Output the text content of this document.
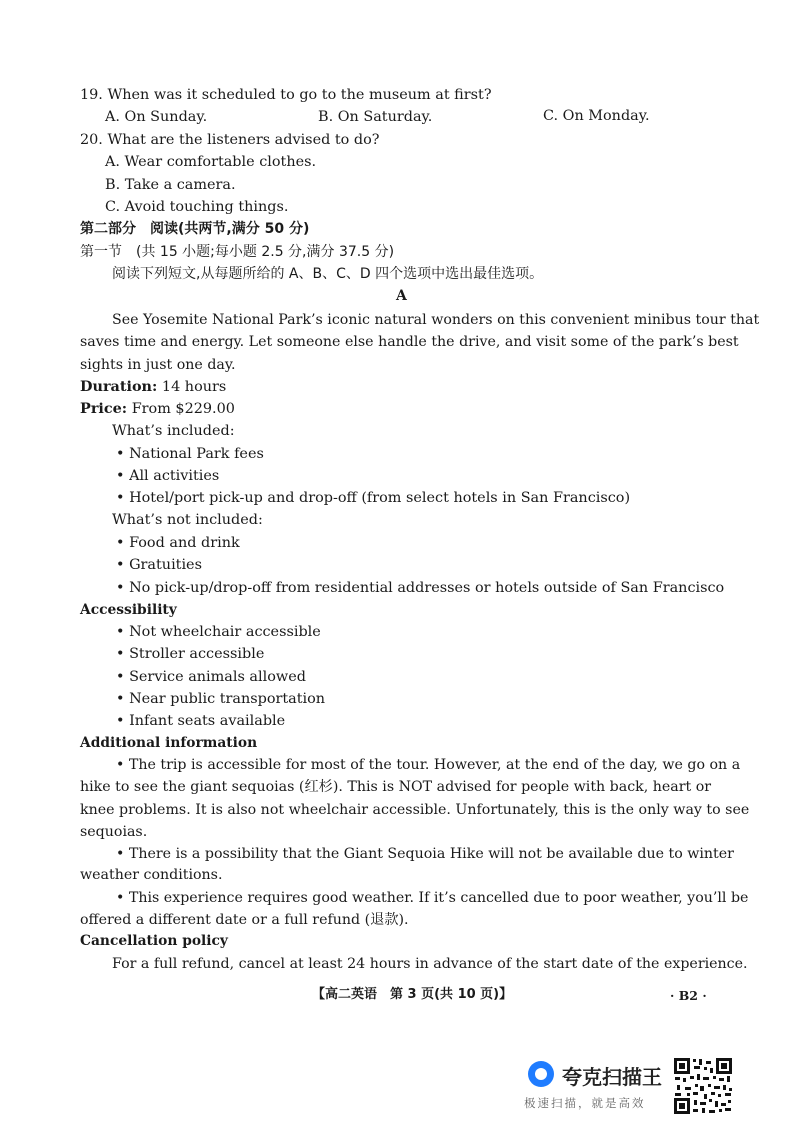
19. When was it scheduled to go to the museum at first?
A. On Sunday.	B. On Saturday.	C. On Monday.
20. What are the listeners advised to do?
A. Wear comfortable clothes.
B. Take a camera.
C. Avoid touching things.
第二部分　阅读(共两节,满分 50 分)
第一节　(共 15 小题;每小题 2.5 分,满分 37.5 分)
阅读下列短文,从每题所给的 A、B、C、D 四个选项中选出最佳选项。
A
See Yosemite National Park’s iconic natural wonders on this convenient minibus tour that
saves time and energy. Let someone else handle the drive, and visit some of the park’s best
sights in just one day.
Duration: 14 hours
Price: From $229.00
What’s included:
• National Park fees
• All activities
• Hotel/port pick-up and drop-off (from select hotels in San Francisco)
What’s not included:
• Food and drink
• Gratuities
• No pick-up/drop-off from residential addresses or hotels outside of San Francisco
Accessibility
• Not wheelchair accessible
• Stroller accessible
• Service animals allowed
• Near public transportation
• Infant seats available
Additional information
• The trip is accessible for most of the tour. However, at the end of the day, we go on a
hike to see the giant sequoias (红杉). This is NOT advised for people with back, heart or
knee problems. It is also not wheelchair accessible. Unfortunately, this is the only way to see
sequoias.
• There is a possibility that the Giant Sequoia Hike will not be available due to winter
weather conditions.
• This experience requires good weather. If it’s cancelled due to poor weather, you’ll be
offered a different date or a full refund (退款).
Cancellation policy
For a full refund, cancel at least 24 hours in advance of the start date of the experience.
【高二英语　第 3 页(共 10 页)】	· B2 ·
夸克扫描王
极速扫描，就是高效
